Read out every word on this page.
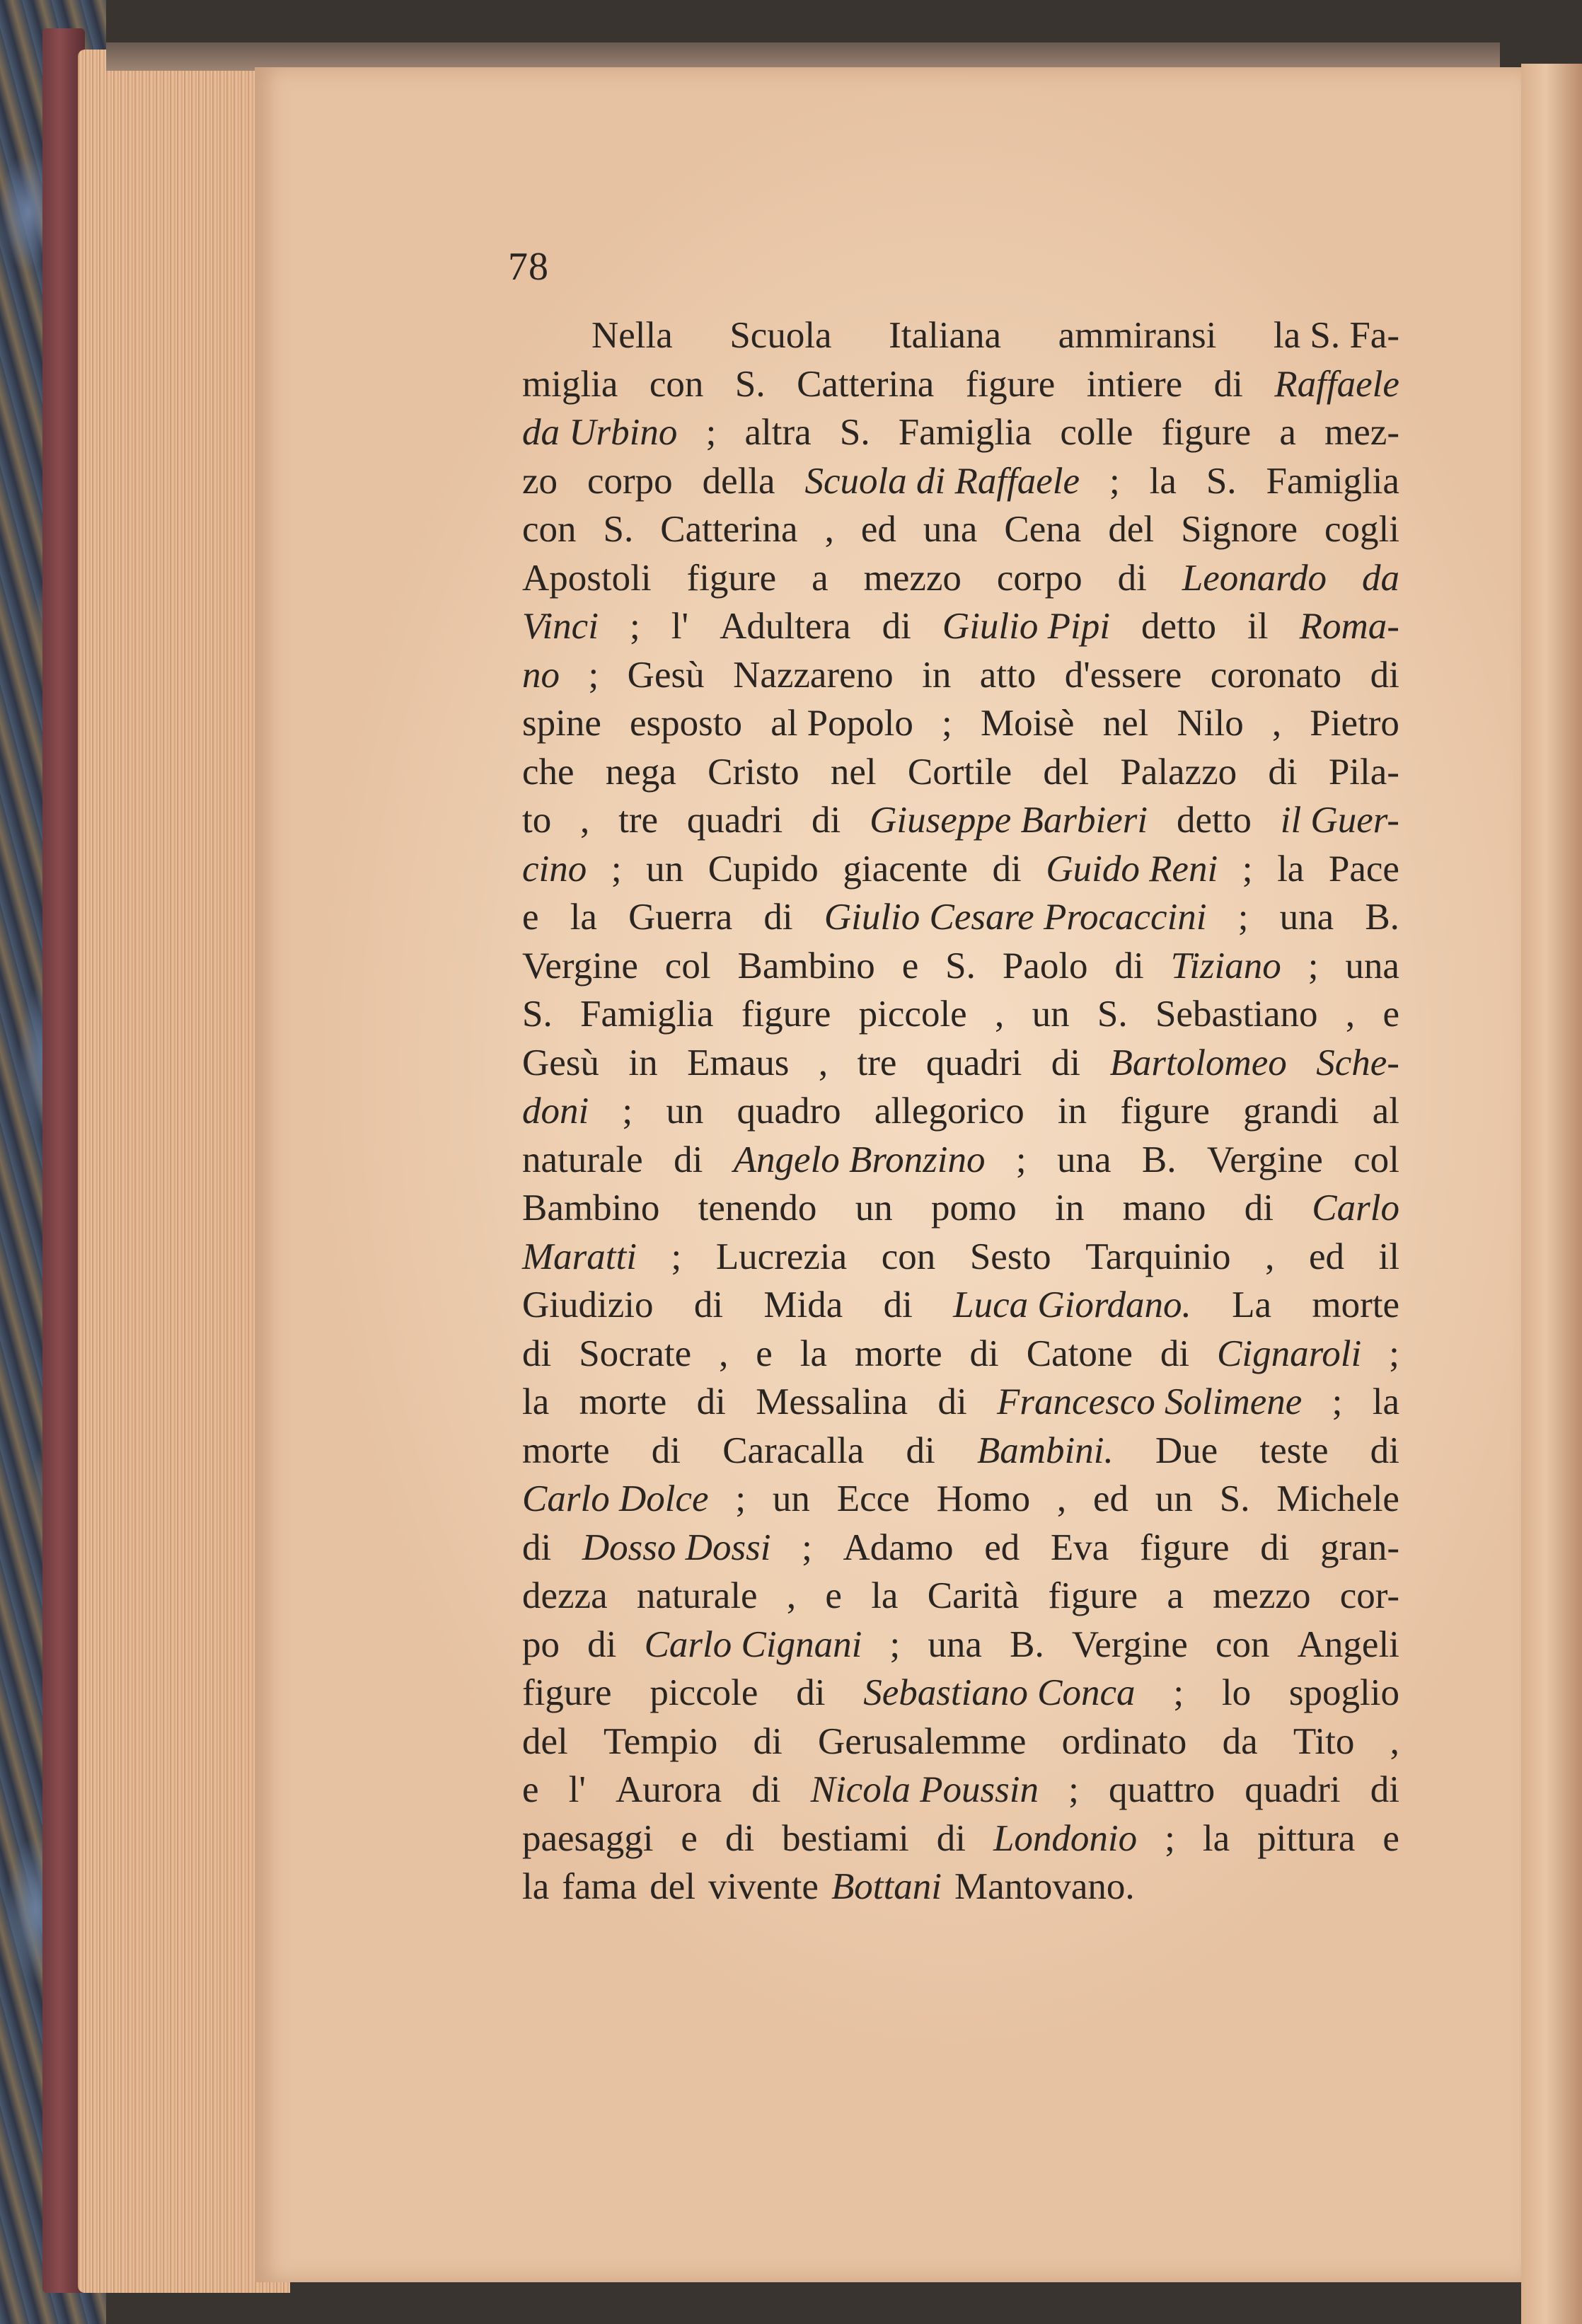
78
Nella Scuola Italiana ammiransi la S. Fa-
miglia con S. Catterina figure intiere di Raffaele
da Urbino ; altra S. Famiglia colle figure a mez-
zo corpo della Scuola di Raffaele ; la S. Famiglia
con S. Catterina , ed una Cena del Signore cogli
Apostoli figure a mezzo corpo di Leonardo da
Vinci ; l' Adultera di Giulio Pipi detto il Roma-
no ; Gesù Nazzareno in atto d'essere coronato di
spine esposto al Popolo ; Moisè nel Nilo , Pietro
che nega Cristo nel Cortile del Palazzo di Pila-
to , tre quadri di Giuseppe Barbieri detto il Guer-
cino ; un Cupido giacente di Guido Reni ; la Pace
e la Guerra di Giulio Cesare Procaccini ; una B.
Vergine col Bambino e S. Paolo di Tiziano ; una
S. Famiglia figure piccole , un S. Sebastiano , e
Gesù in Emaus , tre quadri di Bartolomeo Sche-
doni ; un quadro allegorico in figure grandi al
naturale di Angelo Bronzino ; una B. Vergine col
Bambino tenendo un pomo in mano di Carlo
Maratti ; Lucrezia con Sesto Tarquinio , ed il
Giudizio di Mida di Luca Giordano. La morte
di Socrate , e la morte di Catone di Cignaroli ;
la morte di Messalina di Francesco Solimene ; la
morte di Caracalla di Bambini. Due teste di
Carlo Dolce ; un Ecce Homo , ed un S. Michele
di Dosso Dossi ; Adamo ed Eva figure di gran-
dezza naturale , e la Carità figure a mezzo cor-
po di Carlo Cignani ; una B. Vergine con Angeli
figure piccole di Sebastiano Conca ; lo spoglio
del Tempio di Gerusalemme ordinato da Tito ,
e l' Aurora di Nicola Poussin ; quattro quadri di
paesaggi e di bestiami di Londonio ; la pittura e
la fama del vivente Bottani Mantovano.
